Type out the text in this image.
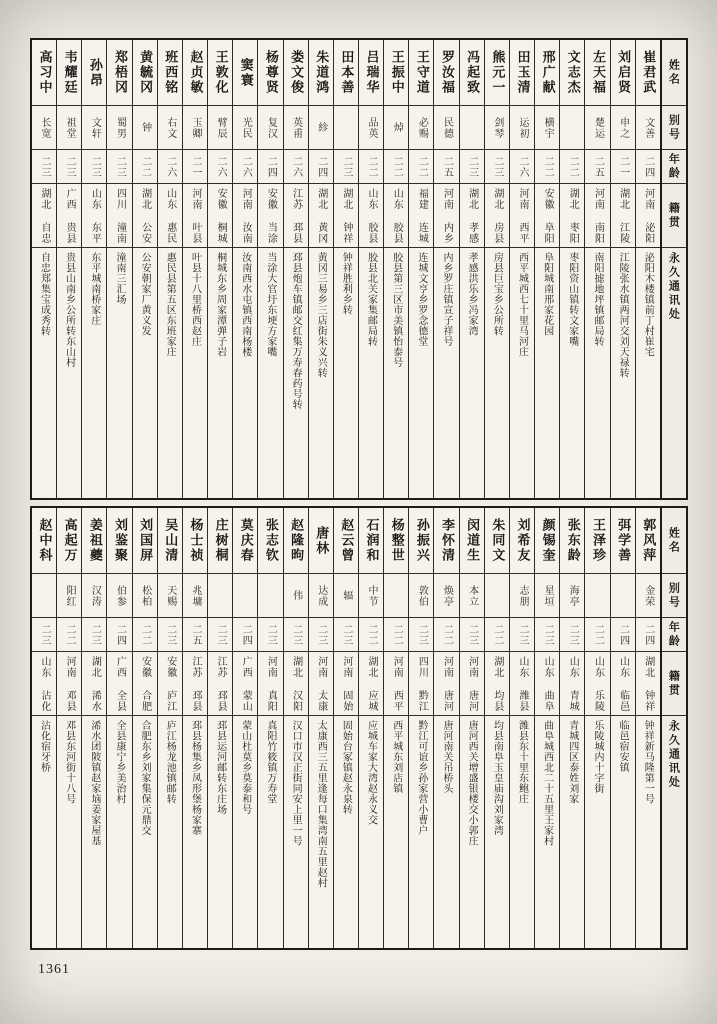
姓名
别号
年龄
籍贯
永久通讯处
崔君武
文善
二四
河南 泌阳
泌阳木楼镇前丁村崔宅
刘启贤
申之
二一
湖北 江陵
江陵张水镇两河交刘天禄转
左天福
楚运
二五
河南 南阳
南阳摅地坪镇邮局转
文志杰
二二
湖北 枣阳
枣阳资山镇转文家嘴
邢广献
横宇
二二
安徽 阜阳
阜阳城南邢家花园
田玉清
运初
二六
河南 西平
西平城西七十里马河庄
熊元一
剑琴
二三
湖北 房县
房县巨宝乡公所转
冯起致
二三
湖北 孝感
孝感洪乐乡冯家湾
罗汝福
民德
二五
河南 内乡
内乡罗庄镇宣子祥号
王守道
必赐
二二
福建 连城
连城文亨乡罗念德堂
王振中
焯
二二
山东 胶县
胶县第三区市美镇怡泰号
吕瑞华
品英
二二
山东 胶县
胶县北关家集邮局转
田本善
二三
湖北 钟祥
钟祥胜利乡转
朱道鸿
紾
二四
湖北 黄冈
黄冈三易乡三店街朱义兴转
娄文俊
英甫
二六
江苏 邳县
邳县炮车镇邮交红集万寿春药号转
杨尊贤
复汉
二四
安徽 当涂
当涂大官圩东埂方家嘴
窦寰
光民
二六
河南 汝南
汝南西水屯镇西南杨楼
王敦化
臂辰
二六
安徽 桐城
桐城东乡周家潭弹子岩
赵贞敏
玉卿
二一
河南 叶县
叶县十八里桥西赵庄
班西铭
右文
二六
山东 惠民
惠民县第五区东班家庄
黄毓冈
钟
二二
湖北 公安
公安朝家厂黄义发
郑梧冈
蜀男
二三
四川 潼南
潼南三汇场
孙昂
文轩
二三
山东 东平
东平城南桥家庄
韦耀廷
祖堂
二三
广西 贵县
贵县山南乡公所转东山村
高习中
长宽
二三
湖北 自忠
自忠郑集宝成秀转
姓名
别号
年龄
籍贯
永久通讯处
郭风萍
金荣
二四
湖北 钟祥
钟祥新马隆第一号
弭学善
二四
山东 临邑
临邑宿安镇
王泽珍
二二
山东 乐陵
乐陵城内十字街
张东龄
海亭
二三
山东 青城
青城四区泰姓刘家
颜锡奎
星垣
二三
山东 曲阜
曲阜城西北二十五里王家村
刘希友
志朋
二三
山东 潍县
潍县东十里东鲍庄
朱同文
二二
湖北 均县
均县南阜玉皇庙沟刘家湾
闵道生
本立
二三
河南 唐河
唐河西关增盛银楼交小郭庄
李怀清
焕亭
二二
河南 唐河
唐河南关吊桥头
孙振兴
敦伯
二三
四川 黔江
黔江可谊乡孙家营小曹户
杨整世
二二
河南 西平
西平城东刘店镇
石润和
中节
二二
湖北 应城
应城车家大湾赵永义交
赵云曾
辐
二三
河南 固始
固始台冢镇赵永泉转
唐林
达成
二三
河南 太康
太康西三五里逢每口集湾南五里赵村
赵隆昫
伟
二三
湖北 汉阳
汉口市汉正街同安上里一号
张志钦
二三
河南 真阳
真阳竹筱镇万寿堂
莫庆春
二四
广西 蒙山
蒙山杜莫乡莫泰和号
庄树桐
二三
江苏 邳县
邳县运河邮转东庄场
杨士祯
兆墉
二五
江苏 邳县
邳县杨集乡凤形堡杨家寨
吴山清
天赐
二三
安徽 庐江
庐江杨龙池镇邮转
刘国屏
松柏
二二
安徽 合肥
合肥东乡刘家集保元鼎交
刘鉴聚
伯参
二四
广西 全县
全县康宁乡美治村
姜祖夔
汉涛
二三
湖北 浠水
浠水团陂镇赵家垴姜家屋基
高起万
阳红
二二
河南 邓县
邓县东河街十八号
赵中科
二三
山东 沾化
沾化宿牙桥
1361
